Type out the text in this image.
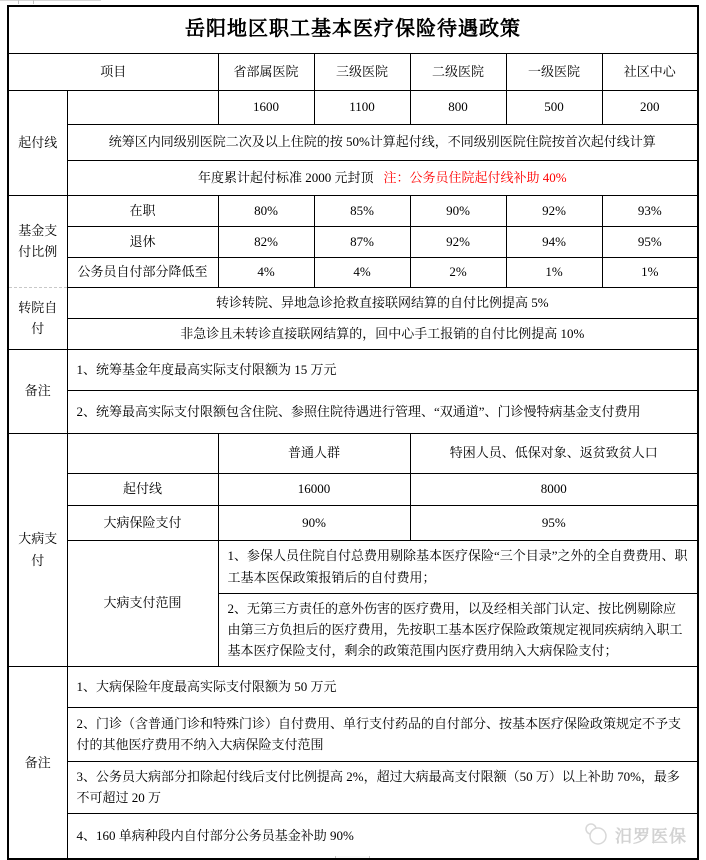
岳阳地区职工基本医疗保险待遇政策						
项目		省部属医院	三级医院	二级医院	一级医院	社区中心
起付线		1600	1100	800	500	200
	统筹区内同级别医院二次及以上住院的按 50%计算起付线，不同级别医院住院按首次起付线计算					
	年度累计起付标准 2000 元封顶 注：公务员住院起付线补助 40%					
基金支付比例	在职	80%	85%	90%	92%	93%
	退休	82%	87%	92%	94%	95%
	公务员自付部分降低至	4%	4%	2%	1%	1%
转院自付	转诊转院、异地急诊抢救直接联网结算的自付比例提高 5%					
	非急诊且未转诊直接联网结算的，回中心手工报销的自付比例提高 10%					
备注	1、统筹基金年度最高实际支付限额为 15 万元					
	2、统筹最高实际支付限额包含住院、参照住院待遇进行管理、“双通道”、门诊慢特病基金支付费用					
大病支付		普通人群		特困人员、低保对象、返贫致贫人口		
	起付线	16000		8000		
	大病保险支付	90%		95%		
	大病支付范围	1、参保人员住院自付总费用剔除基本医疗保险“三个目录”之外的全自费费用、职工基本医保政策报销后的自付费用；				
		2、无第三方责任的意外伤害的医疗费用，以及经相关部门认定、按比例剔除应由第三方负担后的医疗费用，先按职工基本医疗保险政策规定视同疾病纳入职工基本医疗保险支付，剩余的政策范围内医疗费用纳入大病保险支付；				
备注	1、大病保险年度最高实际支付限额为 50 万元					
	2、门诊（含普通门诊和特殊门诊）自付费用、单行支付药品的自付部分、按基本医疗保险政策规定不予支付的其他医疗费用不纳入大病保险支付范围					
	3、公务员大病部分扣除起付线后支付比例提高 2%，超过大病最高支付限额（50 万）以上补助 70%，最多不可超过 20 万					
	4、160 单病种段内自付部分公务员基金补助 90%						汨罗医保
